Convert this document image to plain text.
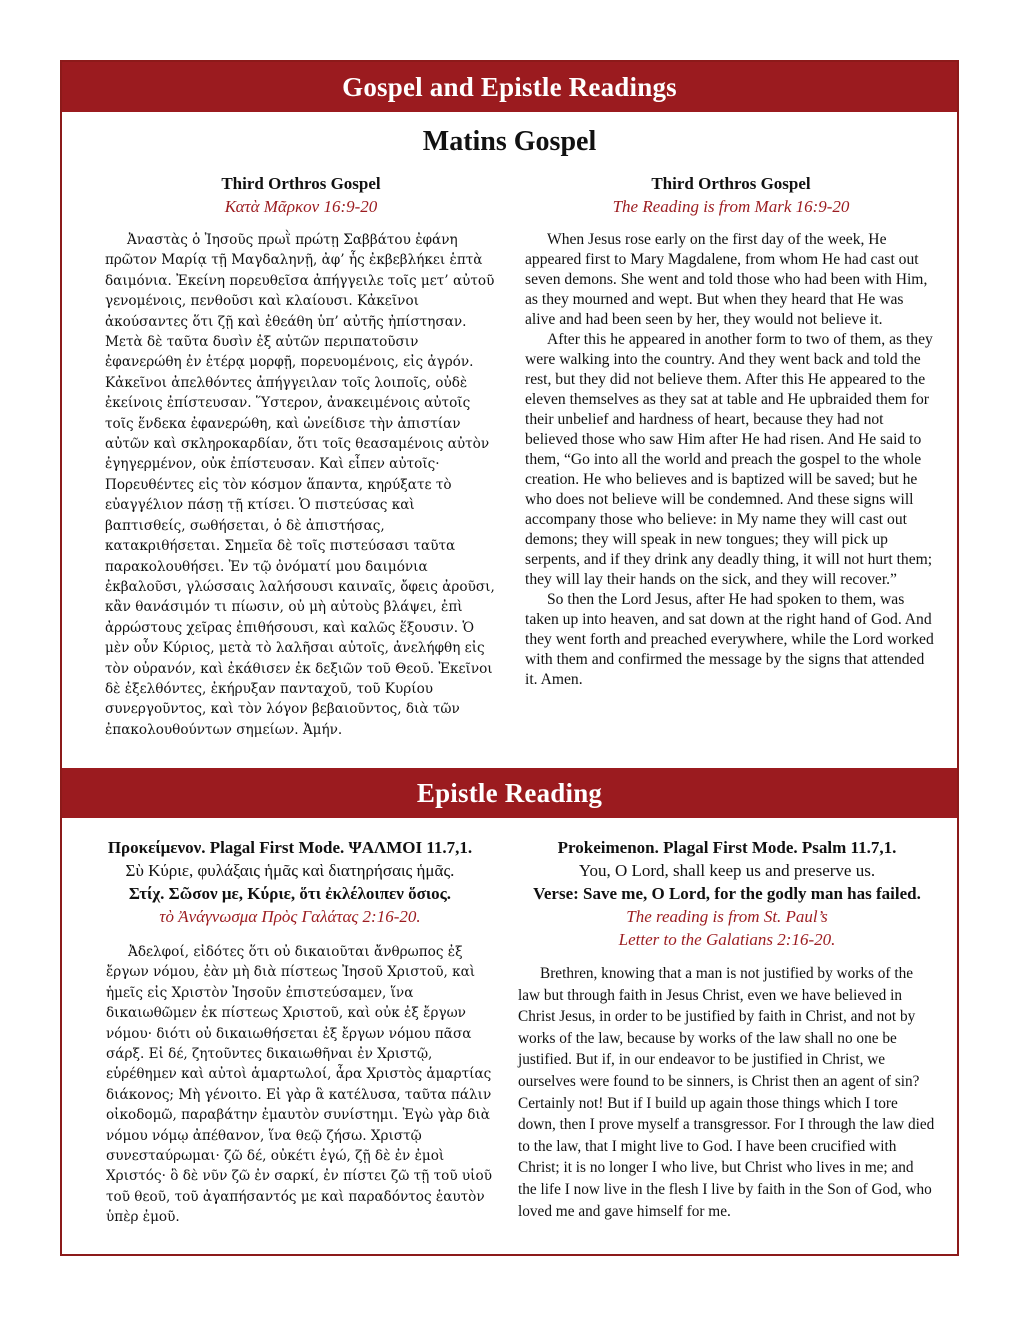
Gospel and Epistle Readings
Matins Gospel
Third Orthros Gospel
Κατὰ Μᾶρκον 16:9-20

Ἀναστὰς ὁ Ἰησοῦς πρωῒ πρώτῃ Σαββάτου ἐφάνη πρῶτον Μαρίᾳ τῇ Μαγδαληνῇ, ἀφ’ ἧς ἐκβεβλήκει ἑπτὰ δαιμόνια. Ἐκείνη πορευθεῖσα ἀπήγγειλε τοῖς μετ’ αὐτοῦ γενομένοις, πενθοῦσι καὶ κλαίουσι. Κἀκεῖνοι ἀκούσαντες ὅτι ζῇ καὶ ἐθεάθη ὑπ’ αὐτῆς ἠπίστησαν. Μετὰ δὲ ταῦτα δυσὶν ἐξ αὐτῶν περιπατοῦσιν ἐφανερώθη ἐν ἑτέρᾳ μορφῇ, πορευομένοις, εἰς ἀγρόν. Κἀκεῖνοι ἀπελθόντες ἀπήγγειλαν τοῖς λοιποῖς, οὐδὲ ἐκείνοις ἐπίστευσαν. Ὕστερον, ἀνακειμένοις αὐτοῖς τοῖς ἕνδεκα ἐφανερώθη, καὶ ὠνείδισε τὴν ἀπιστίαν αὐτῶν καὶ σκληροκαρδίαν, ὅτι τοῖς θεασαμένοις αὐτὸν ἐγηγερμένον, οὐκ ἐπίστευσαν. Καὶ εἶπεν αὐτοῖς· Πορευθέντες εἰς τὸν κόσμον ἅπαντα, κηρύξατε τὸ εὐαγγέλιον πάσῃ τῇ κτίσει. Ὁ πιστεύσας καὶ βαπτισθείς, σωθήσεται, ὁ δὲ ἀπιστήσας, κατακριθήσεται. Σημεῖα δὲ τοῖς πιστεύσασι ταῦτα παρακολουθήσει. Ἐν τῷ ὀνόματί μου δαιμόνια ἐκβαλοῦσι, γλώσσαις λαλήσουσι καιναῖς, ὄφεις ἀροῦσι, κἂν θανάσιμόν τι πίωσιν, οὐ μὴ αὐτοὺς βλάψει, ἐπὶ ἀρρώστους χεῖρας ἐπιθήσουσι, καὶ καλῶς ἕξουσιν. Ὁ μὲν οὖν Κύριος, μετὰ τὸ λαλῆσαι αὐτοῖς, ἀνελήφθη εἰς τὸν οὐρανόν, καὶ ἐκάθισεν ἐκ δεξιῶν τοῦ Θεοῦ. Ἐκεῖνοι δὲ ἐξελθόντες, ἐκήρυξαν πανταχοῦ, τοῦ Κυρίου συνεργοῦντος, καὶ τὸν λόγον βεβαιοῦντος, διὰ τῶν ἐπακολουθούντων σημείων. Ἀμήν.

Third Orthros Gospel
The Reading is from Mark 16:9-20

When Jesus rose early on the first day of the week, He appeared first to Mary Magdalene, from whom He had cast out seven demons. She went and told those who had been with Him, as they mourned and wept. But when they heard that He was alive and had been seen by her, they would not believe it.

After this he appeared in another form to two of them, as they were walking into the country. And they went back and told the rest, but they did not believe them. After this He appeared to the eleven themselves as they sat at table and He upbraided them for their unbelief and hardness of heart, because they had not believed those who saw Him after He had risen. And He said to them, “Go into all the world and preach the gospel to the whole creation. He who believes and is baptized will be saved; but he who does not believe will be condemned. And these signs will accompany those who believe: in My name they will cast out demons; they will speak in new tongues; they will pick up serpents, and if they drink any deadly thing, it will not hurt them; they will lay their hands on the sick, and they will recover.”

So then the Lord Jesus, after He had spoken to them, was taken up into heaven, and sat down at the right hand of God. And they went forth and preached everywhere, while the Lord worked with them and confirmed the message by the signs that attended it. Amen.

Epistle Reading
Προκείμενον. Plagal First Mode. ΨΑΛΜΟΙ 11.7,1.
Σὺ Κύριε, φυλάξαις ἡμᾶς καὶ διατηρήσαις ἡμᾶς.
Στίχ. Σῶσον με, Κύριε, ὅτι ἐκλέλοιπεν ὅσιος.
τὸ Ἀνάγνωσμα Πρὸς Γαλάτας 2:16-20.

Ἀδελφοί, εἰδότες ὅτι οὐ δικαιοῦται ἄνθρωπος ἐξ ἔργων νόμου, ἐὰν μὴ διὰ πίστεως Ἰησοῦ Χριστοῦ, καὶ ἡμεῖς εἰς Χριστὸν Ἰησοῦν ἐπιστεύσαμεν, ἵνα δικαιωθῶμεν ἐκ πίστεως Χριστοῦ, καὶ οὐκ ἐξ ἔργων νόμου· διότι οὐ δικαιωθήσεται ἐξ ἔργων νόμου πᾶσα σάρξ. Εἰ δέ, ζητοῦντες δικαιωθῆναι ἐν Χριστῷ, εὑρέθημεν καὶ αὐτοὶ ἁμαρτωλοί, ἆρα Χριστὸς ἁμαρτίας διάκονος; Μὴ γένοιτο. Εἰ γὰρ ἃ κατέλυσα, ταῦτα πάλιν οἰκοδομῶ, παραβάτην ἐμαυτὸν συνίστημι. Ἐγὼ γὰρ διὰ νόμου νόμῳ ἀπέθανον, ἵνα θεῷ ζήσω. Χριστῷ συνεσταύρωμαι· ζῶ δέ, οὐκέτι ἐγώ, ζῇ δὲ ἐν ἐμοὶ Χριστός· ὃ δὲ νῦν ζῶ ἐν σαρκί, ἐν πίστει ζῶ τῇ τοῦ υἱοῦ τοῦ θεοῦ, τοῦ ἀγαπήσαντός με καὶ παραδόντος ἑαυτὸν ὑπὲρ ἐμοῦ.

Prokeimenon. Plagal First Mode. Psalm 11.7,1.
You, O Lord, shall keep us and preserve us.
Verse: Save me, O Lord, for the godly man has failed.
The reading is from St. Paul’s
Letter to the Galatians 2:16-20.

Brethren, knowing that a man is not justified by works of the law but through faith in Jesus Christ, even we have believed in Christ Jesus, in order to be justified by faith in Christ, and not by works of the law, because by works of the law shall no one be justified. But if, in our endeavor to be justified in Christ, we ourselves were found to be sinners, is Christ then an agent of sin? Certainly not! But if I build up again those things which I tore down, then I prove myself a transgressor. For I through the law died to the law, that I might live to God. I have been crucified with Christ; it is no longer I who live, but Christ who lives in me; and the life I now live in the flesh I live by faith in the Son of God, who loved me and gave himself for me.
